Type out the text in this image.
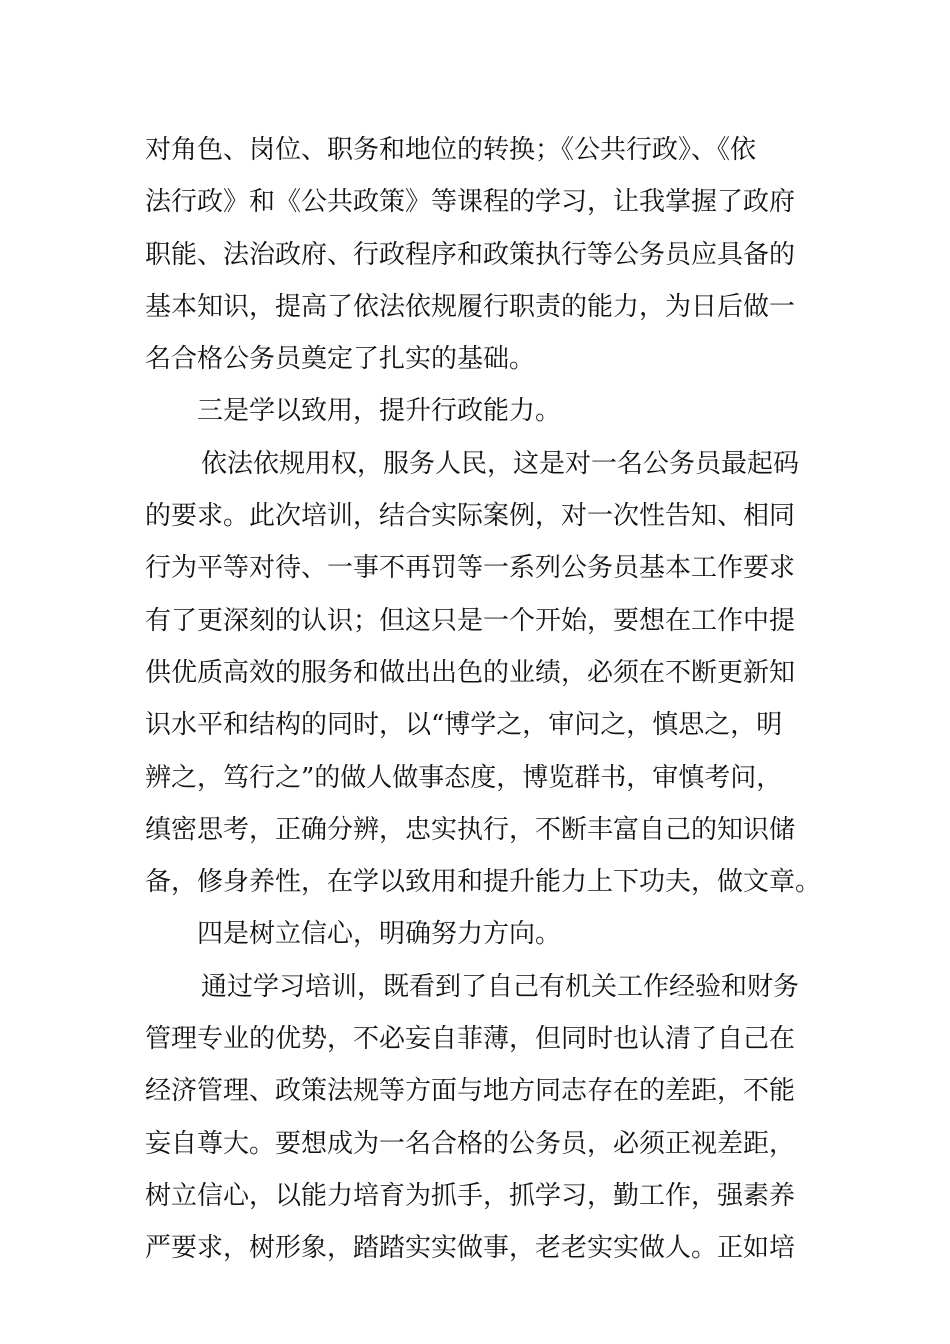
对角色、岗位、职务和地位的转换；《公共行政》、《依
法行政》和《公共政策》等课程的学习，让我掌握了政府
职能、法治政府、行政程序和政策执行等公务员应具备的
基本知识，提高了依法依规履行职责的能力，为日后做一
名合格公务员奠定了扎实的基础。
三是学以致用，提升行政能力。
依法依规用权，服务人民，这是对一名公务员最起码
的要求。此次培训，结合实际案例，对一次性告知、相同
行为平等对待、一事不再罚等一系列公务员基本工作要求
有了更深刻的认识；但这只是一个开始，要想在工作中提
供优质高效的服务和做出出色的业绩，必须在不断更新知
识水平和结构的同时，以“博学之，审问之，慎思之，明
辨之，笃行之”的做人做事态度，博览群书，审慎考问，
缜密思考，正确分辨，忠实执行，不断丰富自己的知识储
备，修身养性，在学以致用和提升能力上下功夫，做文章。
四是树立信心，明确努力方向。
通过学习培训，既看到了自己有机关工作经验和财务
管理专业的优势，不必妄自菲薄，但同时也认清了自己在
经济管理、政策法规等方面与地方同志存在的差距，不能
妄自尊大。要想成为一名合格的公务员，必须正视差距，
树立信心，以能力培育为抓手，抓学习，勤工作，强素养
严要求，树形象，踏踏实实做事，老老实实做人。正如培
